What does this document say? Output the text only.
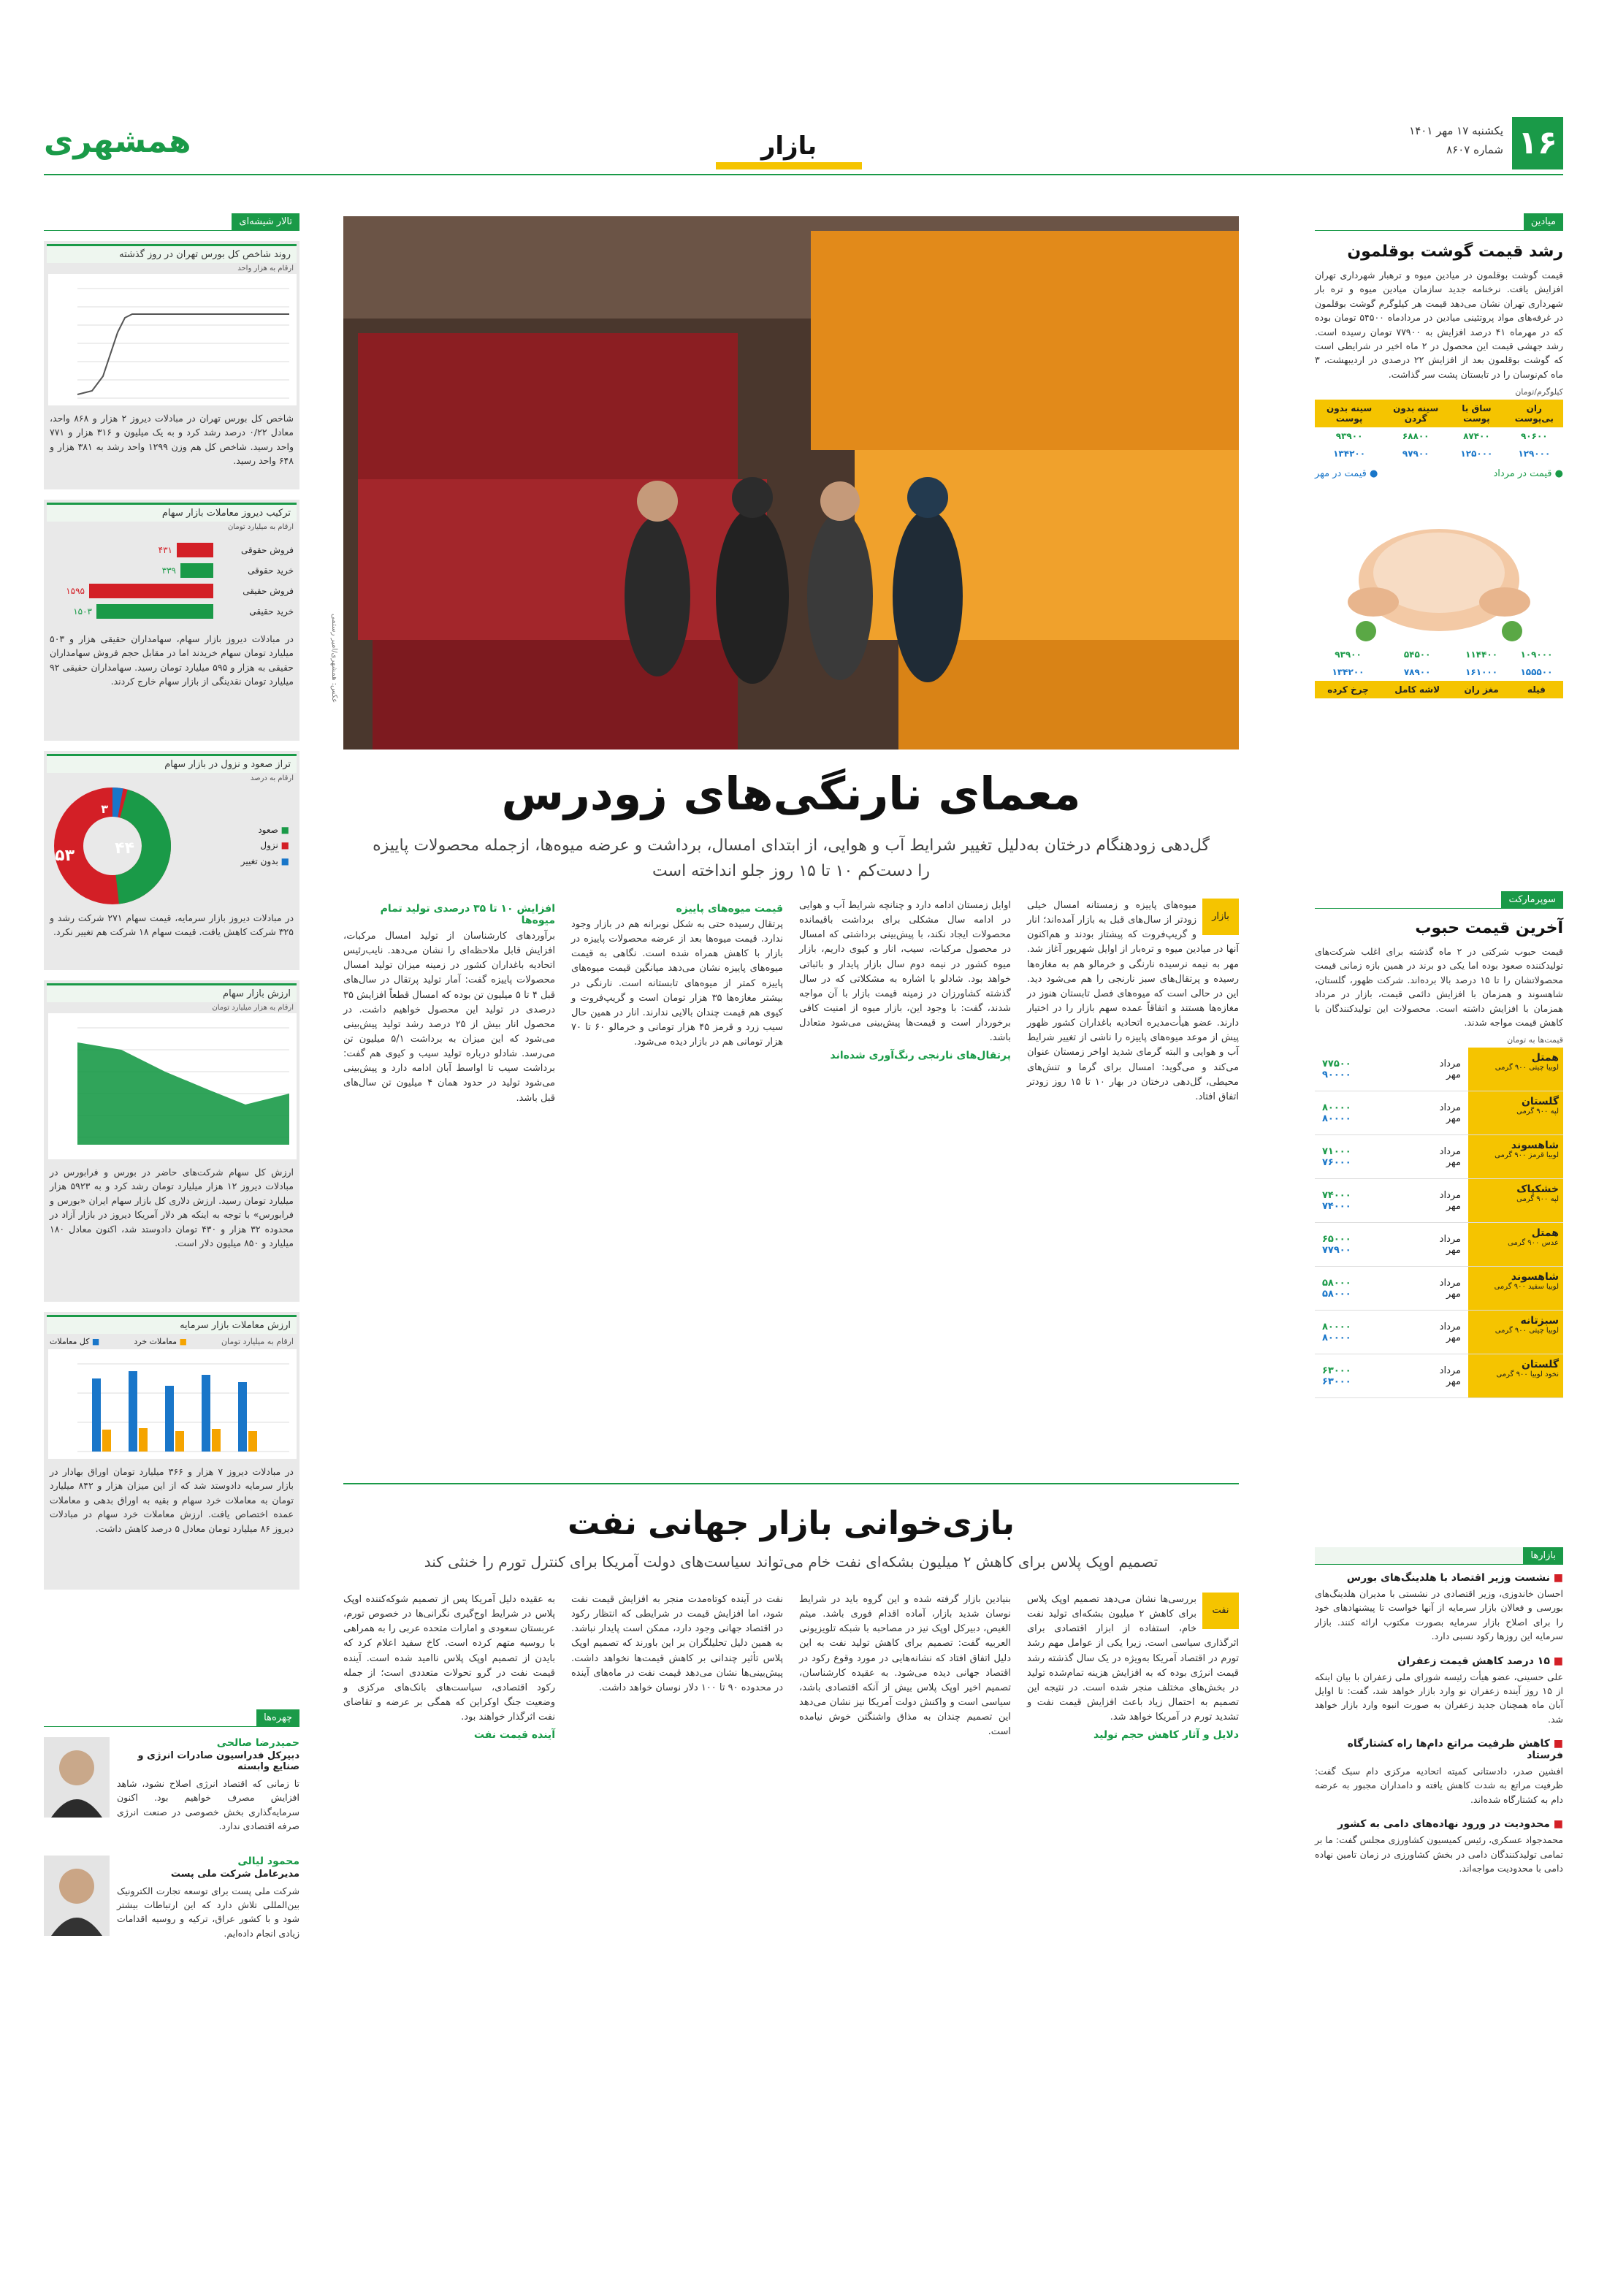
۱۶
یکشنبه ۱۷ مهر ۱۴۰۱
شماره ۸۶۰۷
بازار
همشهری
میادین
رشد قیمت گوشت بوقلمون
قیمت گوشت بوقلمون در میادین میوه و ترهبار شهرداری تهران افزایش یافت. نرخنامه جدید سازمان میادین میوه و تره بار شهرداری تهران نشان می‌دهد قیمت هر کیلوگرم گوشت بوقلمون در غرفه‌های مواد پروتئینی میادین در مردادماه ۵۴۵۰۰ تومان بوده که در مهرماه ۴۱ درصد افزایش به ۷۷۹۰۰ تومان رسیده است. رشد جهشی قیمت این محصول در ۲ ماه اخیر در شرایطی است که گوشت بوقلمون بعد از افزایش ۲۲ درصدی در اردیبهشت، ۳ ماه کم‌نوسان را در تابستان پشت سر گذاشت.
کیلوگرم/تومان
ران بی‌پوست	ساق با پوست	سینه بدون گردن	سینه بدون پوست
۹۰۶۰۰	۸۷۴۰۰	۶۸۸۰۰	۹۳۹۰۰
۱۲۹۰۰۰	۱۲۵۰۰۰	۹۷۹۰۰	۱۳۴۲۰۰
● قیمت در مرداد
● قیمت در مهر
۱۰۹۰۰۰	۱۱۴۴۰۰	۵۴۵۰۰	۹۳۹۰۰
۱۵۵۵۰۰	۱۶۱۰۰۰	۷۸۹۰۰	۱۳۴۲۰۰
فیله	مغز ران	لاشه کامل	چرخ کرده
سوپرمارکت
آخرین قیمت حبوب
قیمت حبوب شرکتی در ۲ ماه گذشته برای اغلب شرکت‌های تولیدکننده صعود بوده اما یکی دو برند در همین بازه زمانی قیمت محصولاتشان را تا ۱۵ درصد بالا برده‌اند. شرکت ظهور، گلستان، شاهسوند و همزمان با افزایش دائمی قیمت، بازار در مرداد همزمان با افزایش داشته است. محصولات این تولیدکنندگان با کاهش قیمت مواجه شدند.
قیمت‌ها به تومان
همتل
لوبیا چیتی ۹۰۰ گرمی
مرداد
۷۷۵۰۰
مهر
۹۰۰۰۰
گلستان
لپه ۹۰۰ گرمی
مرداد
۸۰۰۰۰
مهر
۸۰۰۰۰
شاهسوند
لوبیا قرمز ۹۰۰ گرمی
مرداد
۷۱۰۰۰
مهر
۷۶۰۰۰
خشکپاک
لپه ۹۰۰ گرمی
مرداد
۷۴۰۰۰
مهر
۷۴۰۰۰
همتل
عدس ۹۰۰ گرمی
مرداد
۶۵۰۰۰
مهر
۷۷۹۰۰
شاهسوند
لوبیا سفید ۹۰۰ گرمی
مرداد
۵۸۰۰۰
مهر
۵۸۰۰۰
سبزتانه
لوبیا چیتی ۹۰۰ گرمی
مرداد
۸۰۰۰۰
مهر
۸۰۰۰۰
گلستان
نخود لوبیا ۹۰۰ گرمی
مرداد
۶۳۰۰۰
مهر
۶۳۰۰۰
بازارها
■ نشست وزیر اقتصاد با هلدینگ‌های بورس
احسان خاندوزی، وزیر اقتصادی در نشستی با مدیران هلدینگ‌های بورسی و فعالان بازار سرمایه از آنها خواست تا پیشنهادهای خود را برای اصلاح بازار سرمایه بصورت مکتوب ارائه کنند. بازار سرمایه این روزها رکود نسبی دارد.
■ ۱۵ درصد کاهش قیمت زعفران
علی حسینی، عضو هیأت رئیسه شورای ملی زعفران با بیان اینکه از ۱۵ روز آینده زعفران نو وارد بازار خواهد شد، گفت: تا اوایل آبان ماه همچنان جدید زعفران به صورت انبوه وارد بازار خواهد شد.
■ کاهش ظرفیت مراتع دام‌ها راه کشتارگاه فرستاد
افشین صدر، دادستانی کمیته اتحادیه مرکزی دام سبک گفت: ظرفیت مراتع به شدت کاهش یافته و دامداران مجبور به عرضه دام به کشتارگاه شده‌اند.
■ محدودیت در ورود نهاده‌های دامی به کشور
محمدجواد عسکری، رئیس کمیسیون کشاورزی مجلس گفت: ما بر تمامی تولیدکنندگان دامی در بخش کشاورزی در زمان تامین نهاده دامی با محدودیت مواجه‌اند.
تالار شیشه‌ای
روند شاخص کل بورس تهران در روز گذشته
ارقام به هزار واحد
شاخص کل بورس تهران در مبادلات دیروز ۲ هزار و ۸۶۸ واحد، معادل ۰/۲۲ درصد رشد کرد و به یک میلیون و ۳۱۶ هزار و ۷۷۱ واحد رسید. شاخص کل هم وزن ۱۲۹۹ واحد رشد به ۳۸۱ هزار و ۶۴۸ واحد رسید.
ترکیب دیروز معاملات بازار سهام
ارقام به میلیارد تومان
فروش حقوقی
۴۳۱
خرید حقوقی
۳۳۹
فروش حقیقی
۱۵۹۵
خرید حقیقی
۱۵۰۳
در مبادلات دیروز بازار سهام، سهامداران حقیقی هزار و ۵۰۳ میلیارد تومان سهام خریدند اما در مقابل حجم فروش سهامداران حقیقی به هزار و ۵۹۵ میلیارد تومان رسید. سهامداران حقیقی ۹۲ میلیارد تومان نقدینگی از بازار سهام خارج کردند.
تراز صعود و نزول در بازار سهام
ارقام به درصد
■ صعود
■ نزول
■ بدون تغییر
۴۴
۵۳
۳
در مبادلات دیروز بازار سرمایه، قیمت سهام ۲۷۱ شرکت رشد و ۳۲۵ شرکت کاهش یافت. قیمت سهام ۱۸ شرکت هم تغییر نکرد.
ارزش بازار سهام
ارقام به هزار میلیارد تومان
ارزش کل سهام شرکت‌های حاضر در بورس و فرابورس در مبادلات دیروز ۱۲ هزار میلیارد تومان رشد کرد و به ۵۹۲۳ هزار میلیارد تومان رسید. ارزش دلاری کل بازار سهام ایران «بورس و فرابورس» با توجه به اینکه هر دلار آمریکا دیروز در بازار آزاد در محدوده ۳۲ هزار و ۴۳۰ تومان دادوستد شد، اکنون معادل ۱۸۰ میلیارد و ۸۵۰ میلیون دلار است.
ارزش معاملات بازار سرمایه
ارقام به میلیارد تومان
■ معاملات خرد
■ کل معاملات
در مبادلات دیروز ۷ هزار و ۳۶۶ میلیارد تومان اوراق بهادار در بازار سرمایه دادوستد شد که از این میزان هزار و ۸۴۲ میلیارد تومان به معاملات خرد سهام و بقیه به اوراق بدهی و معاملات عمده اختصاص یافت. ارزش معاملات خرد سهام در مبادلات دیروز ۸۶ میلیارد تومان معادل ۵ درصد کاهش داشت.
چهره‌ها
حمیدرضا صالحی
دبیرکل فدراسیون صادرات انرژی و صنایع وابسته
تا زمانی که اقتصاد انرژی اصلاح نشود، شاهد افزایش مصرف خواهیم بود. اکنون سرمایه‌گذاری بخش خصوصی در صنعت انرژی صرفه اقتصادی ندارد.
محمود لیالی
مدیرعامل شرکت ملی پست
شرکت ملی پست برای توسعه تجارت الکترونیک بین‌المللی تلاش دارد که این ارتباطات بیشتر شود و با کشور عراق، ترکیه و روسیه اقدامات زیادی انجام داده‌ایم.
عکس: همشهری/امیر رستمی
معمای نارنگی‌های زودرس
گل‌دهی زودهنگام درختان به‌دلیل تغییر شرایط آب و هوایی، از ابتدای امسال، برداشت و عرضه میوه‌ها، ازجمله محصولات پاییزه را دست‌کم ۱۰ تا ۱۵ روز جلو انداخته است
بازار
میوه‌های پاییزه و زمستانه امسال خیلی زودتر از سال‌های قبل به بازار آمده‌اند؛ انار و گریپ‌فروت که پیشتاز بودند و هم‌اکنون آنها در میادین میوه و تره‌بار از اوایل شهریور آغاز شد. مهر به نیمه نرسیده نارنگی و خرمالو هم به مغازه‌ها رسیده و پرتقال‌های سبز نارنجی را هم می‌شود دید. این در حالی است که میوه‌های فصل تابستان هنوز در مغازه‌ها هستند و اتفاقاً عمده سهم بازار را در اختیار دارند. عضو هیأت‌مدیره اتحادیه باغداران کشور ظهور پیش از موعد میوه‌های پاییزه را ناشی از تغییر شرایط آب و هوایی و البته گرمای شدید اواخر زمستان عنوان می‌کند و می‌گوید: امسال برای گرما و تنش‌های محیطی، گل‌دهی درختان در بهار ۱۰ تا ۱۵ روز زودتر اتفاق افتاد.
اوایل زمستان ادامه دارد و چنانچه شرایط آب و هوایی در ادامه سال مشکلی برای برداشت باقیمانده محصولات ایجاد نکند، با پیش‌بینی برداشتی که امسال در محصول مرکبات، سیب، انار و کیوی داریم، بازار میوه کشور در نیمه دوم سال بازار پایدار و باثباتی خواهد بود. شادلو با اشاره به مشکلاتی که در سال گذشته کشاورزان در زمینه قیمت بازار با آن مواجه شدند، گفت: با وجود این، بازار میوه از امنیت کافی برخوردار است و قیمت‌ها پیش‌بینی می‌شود متعادل باشد.
پرتقال‌های نارنجی رنگ‌آوری شده‌اند
قیمت میوه‌های پاییزه
پرتقال رسیده حتی به شکل نوبرانه هم در بازار وجود ندارد. قیمت میوه‌ها بعد از عرضه محصولات پاییزه در بازار با کاهش همراه شده است. نگاهی به قیمت میوه‌های پاییزه نشان می‌دهد میانگین قیمت میوه‌های پاییزه کمتر از میوه‌های تابستانه است. نارنگی در بیشتر مغازه‌ها ۳۵ هزار تومان است و گریپ‌فروت و کیوی هم قیمت چندان بالایی ندارند. انار در همین حال سیب زرد و قرمز ۴۵ هزار تومانی و خرمالو ۶۰ تا ۷۰ هزار تومانی هم در بازار دیده می‌شود.
افزایش ۱۰ تا ۳۵ درصدی تولید تمام میوه‌ها
برآوردهای کارشناسان از تولید امسال مرکبات، افزایش قابل ملاحظه‌ای را نشان می‌دهد. نایب‌رئیس اتحادیه باغداران کشور در زمینه میزان تولید امسال محصولات پاییزه گفت: آمار تولید پرتقال در سال‌های قبل ۴ تا ۵ میلیون تن بوده که امسال قطعاً افزایش ۳۵ درصدی در تولید این محصول خواهیم داشت. در محصول انار بیش از ۲۵ درصد رشد تولید پیش‌بینی می‌شود که این میزان به برداشت ۵/۱ میلیون تن می‌رسد. شادلو درباره تولید سیب و کیوی هم گفت: برداشت سیب تا اواسط آبان ادامه دارد و پیش‌بینی می‌شود تولید در حدود همان ۴ میلیون تن سال‌های قبل باشد.
بازی‌خوانی بازار جهانی نفت
تصمیم اوپک پلاس برای کاهش ۲ میلیون بشکه‌ای نفت خام می‌تواند سیاست‌های دولت آمریکا برای کنترل تورم را خنثی کند
نفت
بررسی‌ها نشان می‌دهد تصمیم اوپک پلاس برای کاهش ۲ میلیون بشکه‌ای تولید نفت خام، استفاده از ابزار اقتصادی برای اثرگذاری سیاسی است. زیرا یکی از عوامل مهم رشد تورم در اقتصاد آمریکا به‌ویژه در یک سال گذشته رشد قیمت انرژی بوده که به افزایش هزینه تمام‌شده تولید در بخش‌های مختلف منجر شده است. در نتیجه این تصمیم به احتمال زیاد باعث افزایش قیمت نفت و تشدید تورم در آمریکا خواهد شد.
دلایل و آثار کاهش حجم تولید
بنیادین بازار گرفته شده و این گروه باید در شرایط نوسان شدید بازار، آماده اقدام فوری باشد. میثم الغیص، دبیرکل اوپک نیز در مصاحبه با شبکه تلویزیونی العربیه گفت: تصمیم برای کاهش تولید نفت به این دلیل اتفاق افتاد که نشانه‌هایی در مورد وقوع رکود در اقتصاد جهانی دیده می‌شود. به عقیده کارشناسان، تصمیم اخیر اوپک پلاس بیش از آنکه اقتصادی باشد، سیاسی است و واکنش دولت آمریکا نیز نشان می‌دهد این تصمیم چندان به مذاق واشنگتن خوش نیامده است.
نفت در آینده کوتاه‌مدت منجر به افزایش قیمت نفت شود، اما افزایش قیمت در شرایطی که انتظار رکود در اقتصاد جهانی وجود دارد، ممکن است پایدار نباشد. به همین دلیل تحلیلگران بر این باورند که تصمیم اوپک پلاس تأثیر چندانی بر کاهش قیمت‌ها نخواهد داشت. پیش‌بینی‌ها نشان می‌دهد قیمت نفت در ماه‌های آینده در محدوده ۹۰ تا ۱۰۰ دلار نوسان خواهد داشت.
به عقیده دلیل آمریکا پس از تصمیم شوکه‌کننده اوپک پلاس در شرایط اوج‌گیری نگرانی‌ها در خصوص تورم، عربستان سعودی و امارات متحده عربی را به همراهی با روسیه متهم کرده است. کاخ سفید اعلام کرد که بایدن از تصمیم اوپک پلاس ناامید شده است. آینده قیمت نفت در گرو تحولات متعددی است؛ از جمله رکود اقتصادی، سیاست‌های بانک‌های مرکزی و وضعیت جنگ اوکراین که همگی بر عرضه و تقاضای نفت اثرگذار خواهند بود.
آینده قیمت نفت
